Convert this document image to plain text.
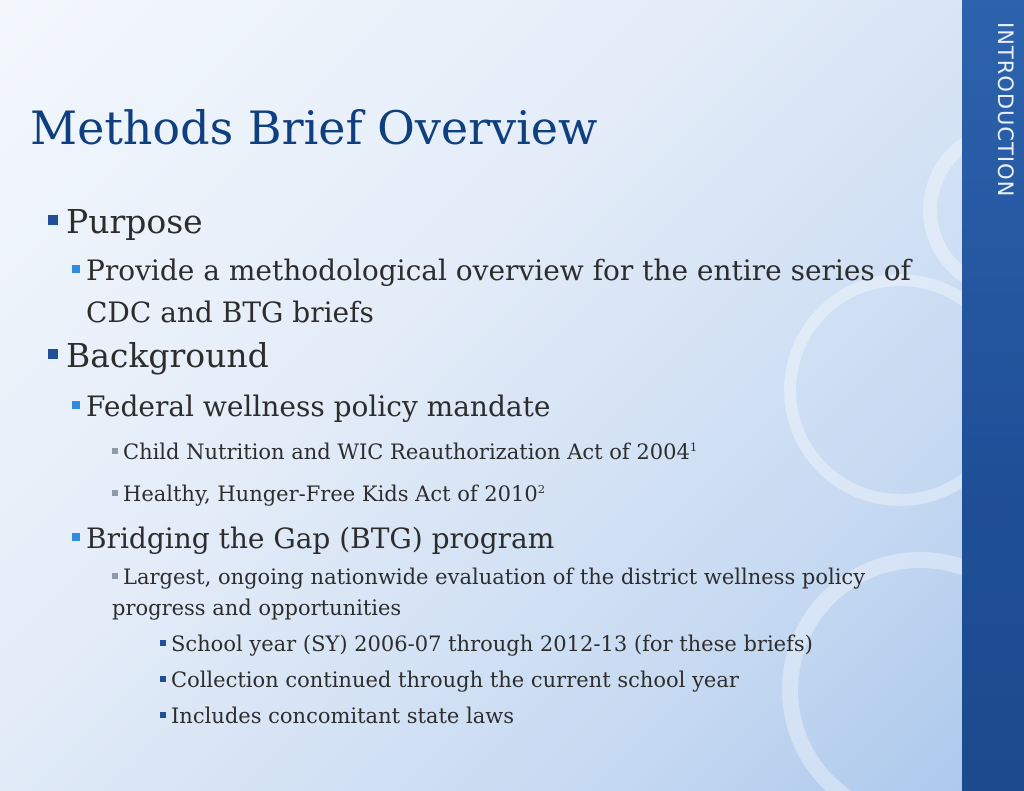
INTRODUCTION
Methods Brief Overview
Purpose
Provide a methodological overview for the entire series of CDC and BTG briefs
Background
Federal wellness policy mandate
Child Nutrition and WIC Reauthorization Act of 2004$^1$
Healthy, Hunger-Free Kids Act of 2010$^2$
Bridging the Gap (BTG) program
Largest, ongoing nationwide evaluation of the district wellness policy progress and opportunities
School year (SY) 2006-07 through 2012-13 (for these briefs)
Collection continued through the current school year
Includes concomitant state laws
